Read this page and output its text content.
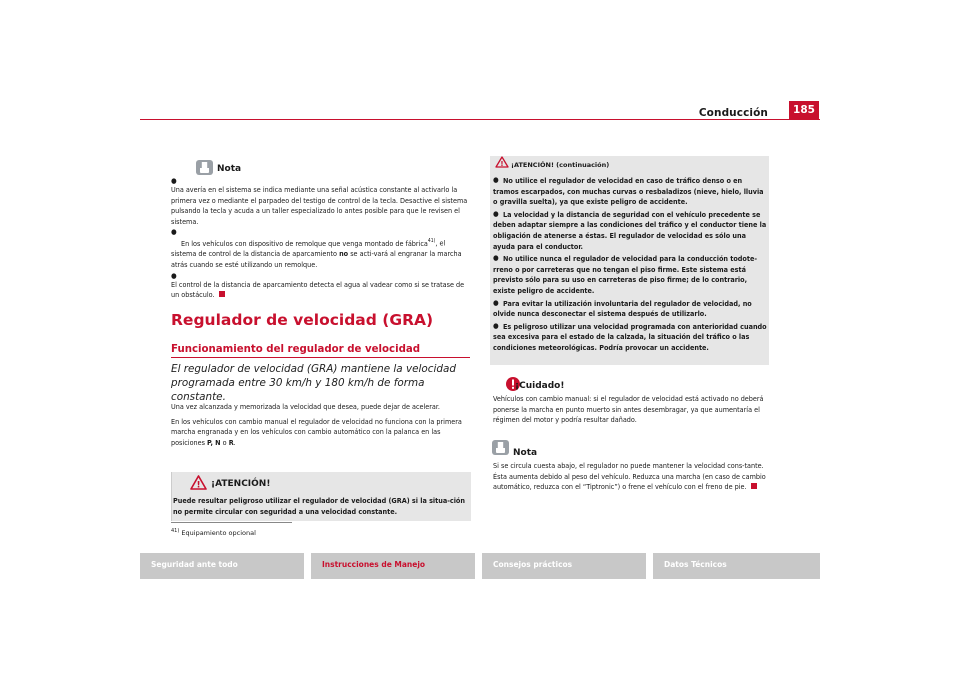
Conducción	185
Nota
●
Una avería en el sistema se indica mediante una señal acústica constante al activarlo la primera vez o mediante el parpadeo del testigo de control de la tecla. Desactive el sistema pulsando la tecla y acuda a un taller especializado lo antes posible para que le revisen el sistema.
●
En los vehículos con dispositivo de remolque que venga montado de fábrica$^{41)}$, el sistema de control de la distancia de aparcamiento no se acti-vará al engranar la marcha atrás cuando se esté utilizando un remolque.
●
El control de la distancia de aparcamiento detecta el agua al vadear como si se tratase de un obstáculo.
Regulador de velocidad (GRA)
Funcionamiento del regulador de velocidad
El regulador de velocidad (GRA) mantiene la velocidad programada entre 30 km/h y 180 km/h de forma constante.
Una vez alcanzada y memorizada la velocidad que desea, puede dejar de acelerar.
En los vehículos con cambio manual el regulador de velocidad no funciona con la primera marcha engranada y en los vehículos con cambio automático con la palanca en las posiciones P, N o R.
! ¡ATENCIÓN!
Puede resultar peligroso utilizar el regulador de velocidad (GRA) si la situa-ción no permite circular con seguridad a una velocidad constante.
$^{41)}$ Equipamiento opcional
! ¡ATENCIÓN! (continuación)
● No utilice el regulador de velocidad en caso de tráfico denso o en tramos escarpados, con muchas curvas o resbaladizos (nieve, hielo, lluvia o gravilla suelta), ya que existe peligro de accidente.
● La velocidad y la distancia de seguridad con el vehículo precedente se deben adaptar siempre a las condiciones del tráfico y el conductor tiene la obligación de atenerse a éstas. El regulador de velocidad es sólo una ayuda para el conductor.
● No utilice nunca el regulador de velocidad para la conducción todote-rreno o por carreteras que no tengan el piso firme. Este sistema está previsto sólo para su uso en carreteras de piso firme; de lo contrario, existe peligro de accidente.
● Para evitar la utilización involuntaria del regulador de velocidad, no olvide nunca desconectar el sistema después de utilizarlo.
● Es peligroso utilizar una velocidad programada con anterioridad cuando sea excesiva para el estado de la calzada, la situación del tráfico o las condiciones meteorológicas. Podría provocar un accidente.
¡Cuidado!
Vehículos con cambio manual: si el regulador de velocidad está activado no deberá ponerse la marcha en punto muerto sin antes desembragar, ya que aumentaría el régimen del motor y podría resultar dañado.
Nota
Si se circula cuesta abajo, el regulador no puede mantener la velocidad cons-tante. Ésta aumenta debido al peso del vehículo. Reduzca una marcha (en caso de cambio automático, reduzca con el “Tiptronic”) o frene el vehículo con el freno de pie.
Seguridad ante todo	Instrucciones de Manejo	Consejos prácticos	Datos Técnicos
